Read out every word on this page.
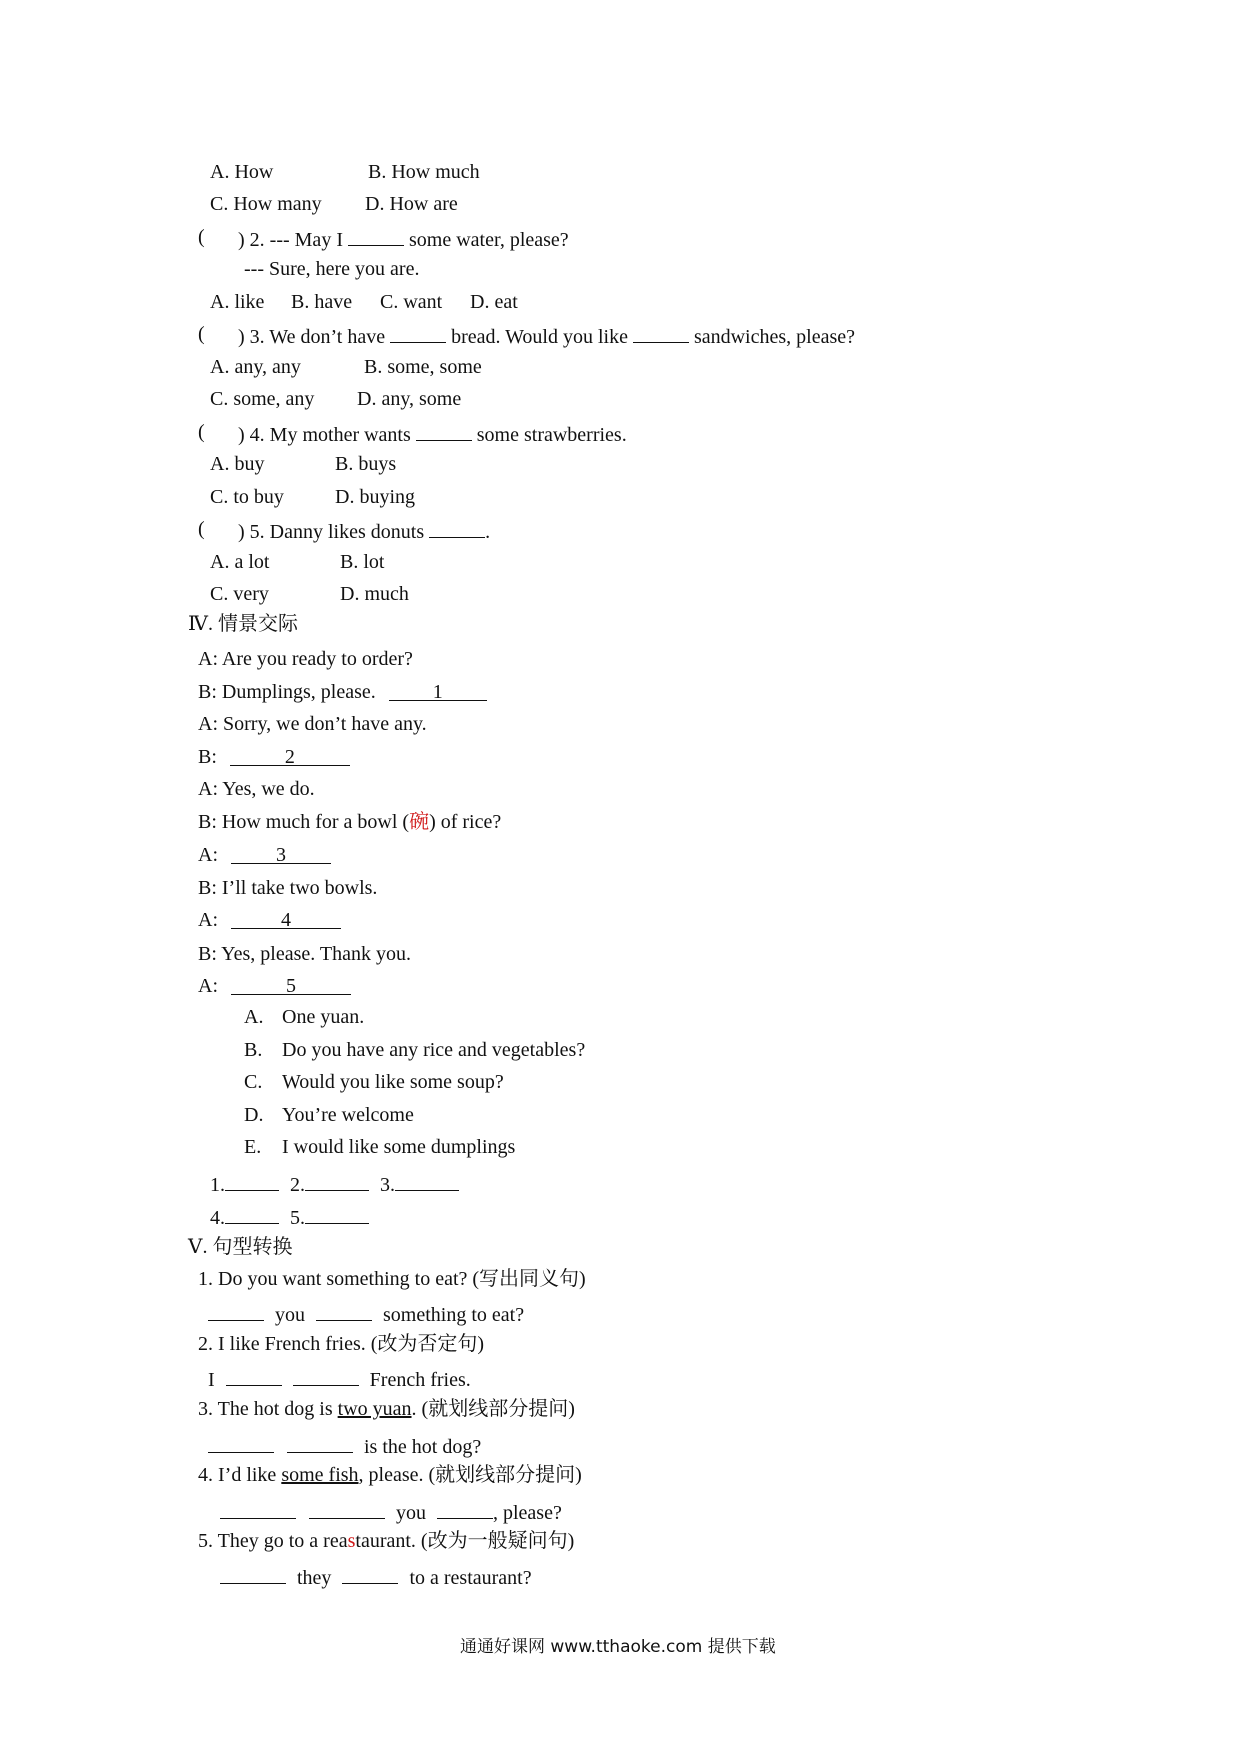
A. How	B. How much
C. How many D. How are
( ) 2. --- May I	some water, please?
--- Sure, here you are.
A. like B. have C. want D. eat
( ) 3. We don’t have	bread. Would you like	sandwiches, please?
A. any, any	B. some, some
C. some, any D. any, some
( ) 4. My mother wants	some strawberries.
A. buy	B. buys
C. to buy	D. buying
( ) 5. Danny likes donuts	.
A. a lot	B. lot
C. very	D. much
Ⅳ. 情景交际
A: Are you ready to order?
B: Dumplings, please.	1
A: Sorry, we don’t have any.
B:	2
A: Yes, we do.
B: How much for a bowl (碗) of rice?
A:	3
B: I’ll take two bowls.
A:	4
B: Yes, please. Thank you.
A:	5
A. One yuan.
B. Do you have any rice and vegetables?
C. Would you like some soup?
D. You’re welcome
E. I would like some dumplings
1.	2.	3.
4.	5.
Ⅴ. 句型转换
1. Do you want something to eat? (写出同义句)
you	something to eat?
2. I like French fries. (改为否定句)
I	French fries.
3. The hot dog is two yuan. (就划线部分提问)
is the hot dog?
4. I’d like some fish, please. (就划线部分提问)
you	, please?
5. They go to a reastaurant. (改为一般疑问句)
they	to a restaurant?
通通好课网 www.tthaoke.com 提供下载
